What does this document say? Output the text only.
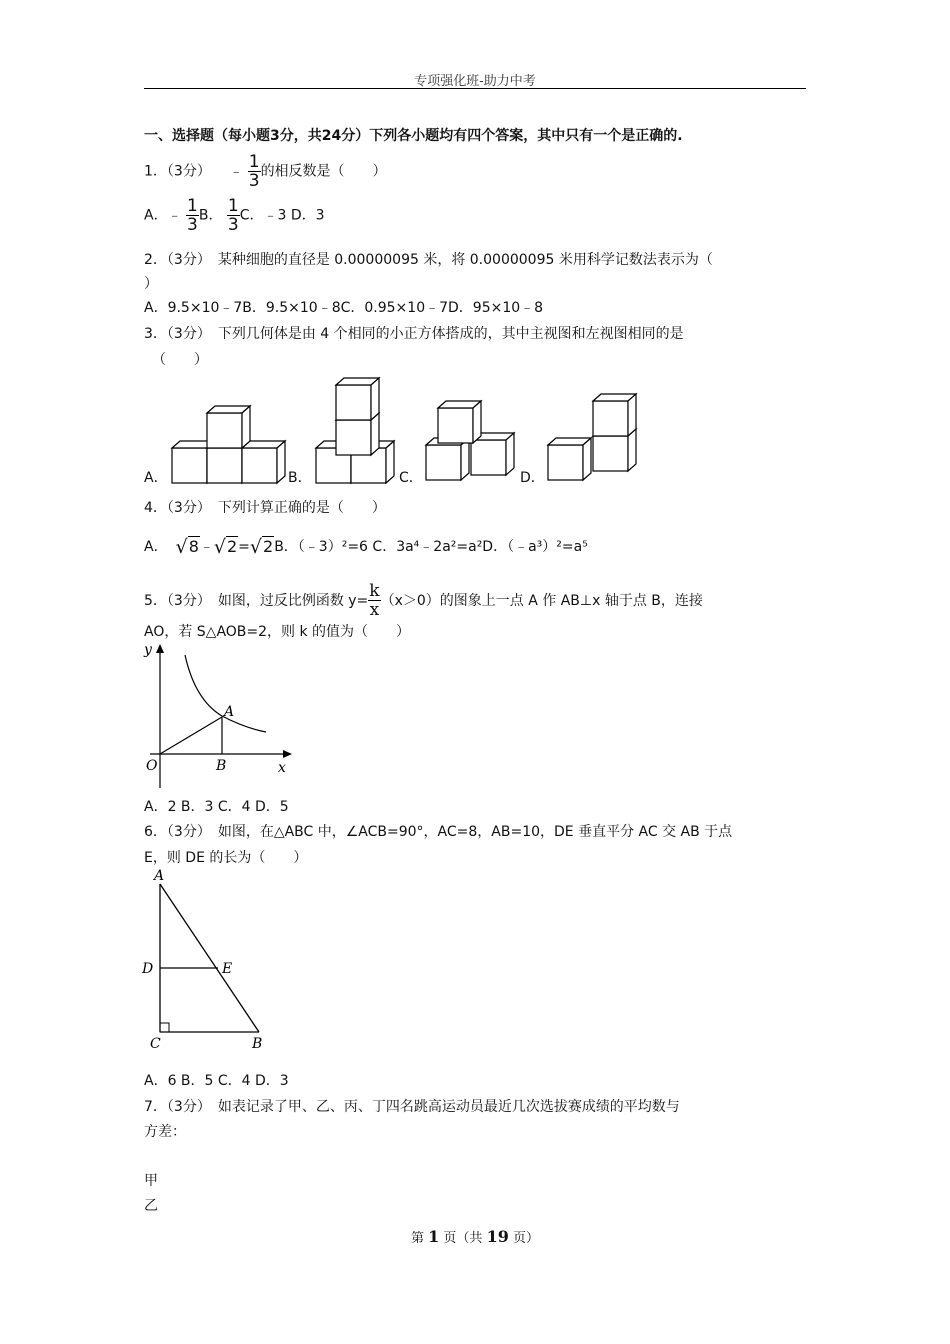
专项强化班-助力中考
一、选择题（每小题3分，共24分）下列各小题均有四个答案，其中只有一个是正确的.
1．（3分） ﹣ $\frac{1}{3}$ 的相反数是（　　）
A．﹣ $\frac{1}{3}$ B． $\frac{1}{3}$ C．﹣3 D．3
2．（3分）　某种细胞的直径是 0.00000095 米，将 0.00000095 米用科学记数法表示为（
）
A．9.5×10﹣7B．9.5×10﹣8C．0.95×10﹣7D．95×10﹣8
3．（3分）　下列几何体是由 4 个相同的小正方体搭成的，其中主视图和左视图相同的是
（　　）
A．	B．	C．	D．
4．（3分）　下列计算正确的是（　　）
A． √ 8 ﹣ √ 2 = √ 2 B．（﹣3）²=6 C．3a⁴﹣2a²=a²D．（﹣a³）²=a⁵
5．（3分）　如图，过反比例函数 $y= \frac{k}{x} (x>0)$的图象上一点 A 作 AB⊥x 轴于点 B，连接
AO，若 S△AOB=2，则 k 的值为（　　）
y
x
O
A
B
A．2 B．3 C．4 D．5
6．（3分）　如图，在△ABC 中，∠ACB=90°，AC=8，AB=10，DE 垂直平分 AC 交 AB 于点
E，则 DE 的长为（　　）
A
D	E
C	B
A．6 B．5 C．4 D．3
7．（3分）　如表记录了甲、乙、丙、丁四名跳高运动员最近几次选拔赛成绩的平均数与
方差：
甲
乙
第 1 页（共 19 页）
